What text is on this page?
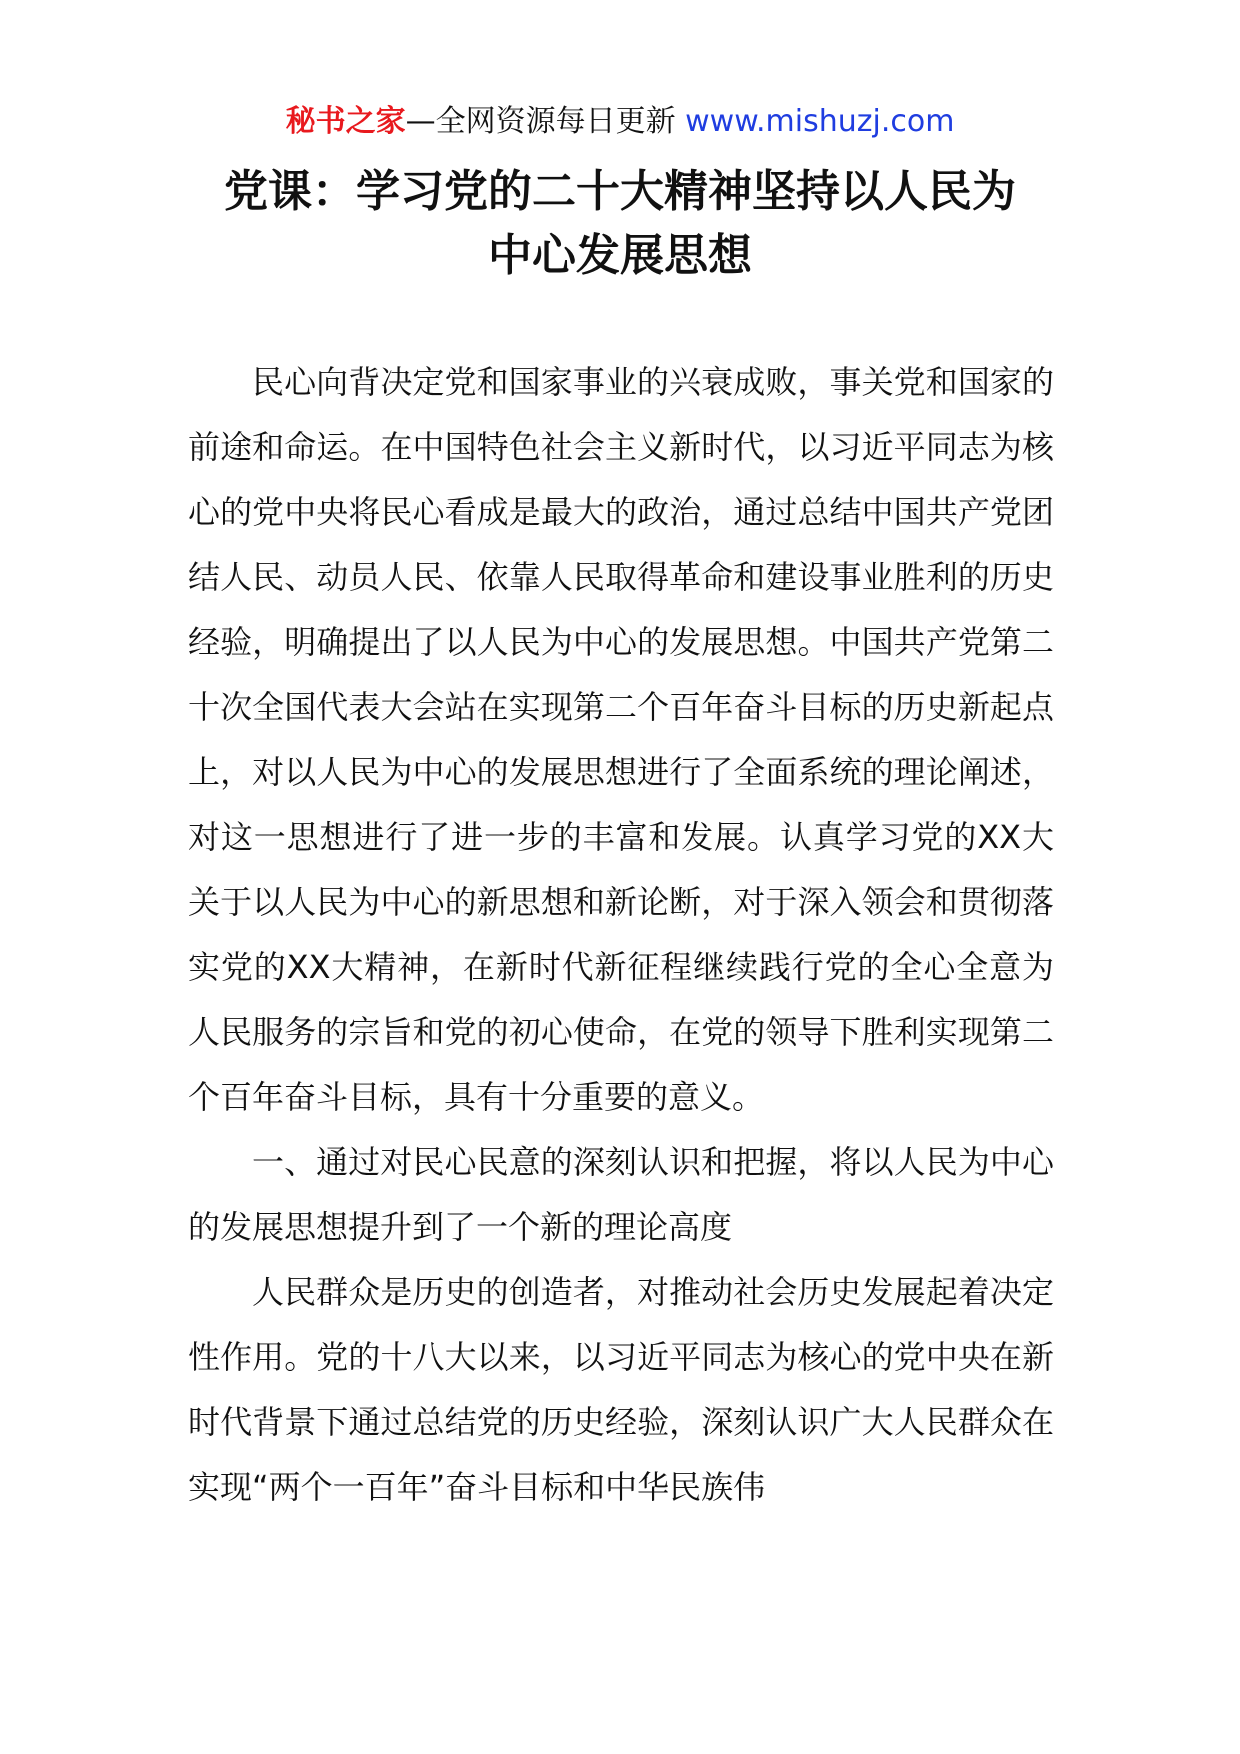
秘书之家—全网资源每日更新 www.mishuzj.com
党课：学习党的二十大精神坚持以人民为
中心发展思想

民心向背决定党和国家事业的兴衰成败，事关党和国家的前途和命运。在中国特色社会主义新时代，以习近平同志为核心的党中央将民心看成是最大的政治，通过总结中国共产党团结人民、动员人民、依靠人民取得革命和建设事业胜利的历史经验，明确提出了以人民为中心的发展思想。中国共产党第二十次全国代表大会站在实现第二个百年奋斗目标的历史新起点上，对以人民为中心的发展思想进行了全面系统的理论阐述，对这一思想进行了进一步的丰富和发展。认真学习党的XX大关于以人民为中心的新思想和新论断，对于深入领会和贯彻落实党的XX大精神，在新时代新征程继续践行党的全心全意为人民服务的宗旨和党的初心使命，在党的领导下胜利实现第二个百年奋斗目标，具有十分重要的意义。

一、通过对民心民意的深刻认识和把握，将以人民为中心的发展思想提升到了一个新的理论高度

人民群众是历史的创造者，对推动社会历史发展起着决定性作用。党的十八大以来，以习近平同志为核心的党中央在新时代背景下通过总结党的历史经验，深刻认识广大人民群众在实现“两个一百年”奋斗目标和中华民族伟
